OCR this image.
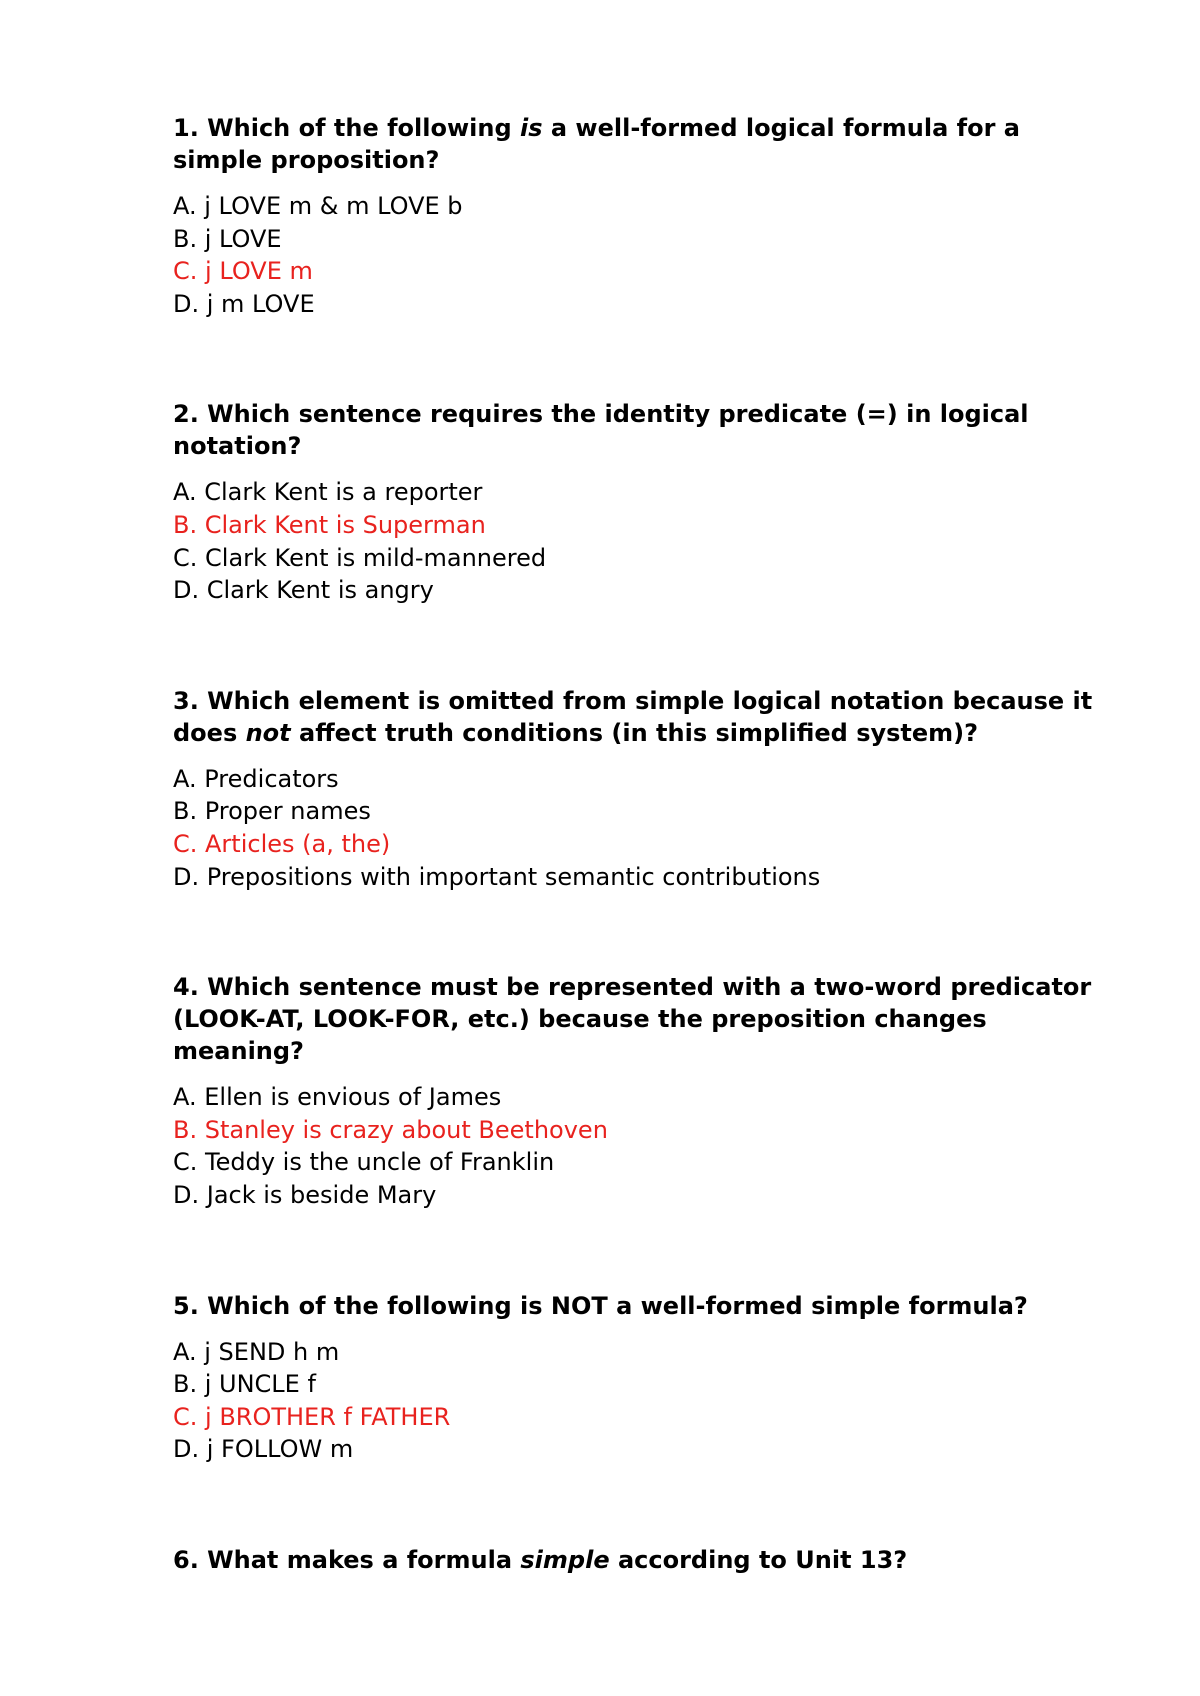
1. Which of the following is a well-formed logical formula for a simple proposition?
A. j LOVE m & m LOVE b
B. j LOVE
C. j LOVE m
D. j m LOVE
2. Which sentence requires the identity predicate (=) in logical notation?
A. Clark Kent is a reporter
B. Clark Kent is Superman
C. Clark Kent is mild-mannered
D. Clark Kent is angry
3. Which element is omitted from simple logical notation because it does not affect truth conditions (in this simplified system)?
A. Predicators
B. Proper names
C. Articles (a, the)
D. Prepositions with important semantic contributions
4. Which sentence must be represented with a two-word predicator (LOOK-AT, LOOK-FOR, etc.) because the preposition changes meaning?
A. Ellen is envious of James
B. Stanley is crazy about Beethoven
C. Teddy is the uncle of Franklin
D. Jack is beside Mary
5. Which of the following is NOT a well-formed simple formula?
A. j SEND h m
B. j UNCLE f
C. j BROTHER f FATHER
D. j FOLLOW m
6. What makes a formula simple according to Unit 13?
